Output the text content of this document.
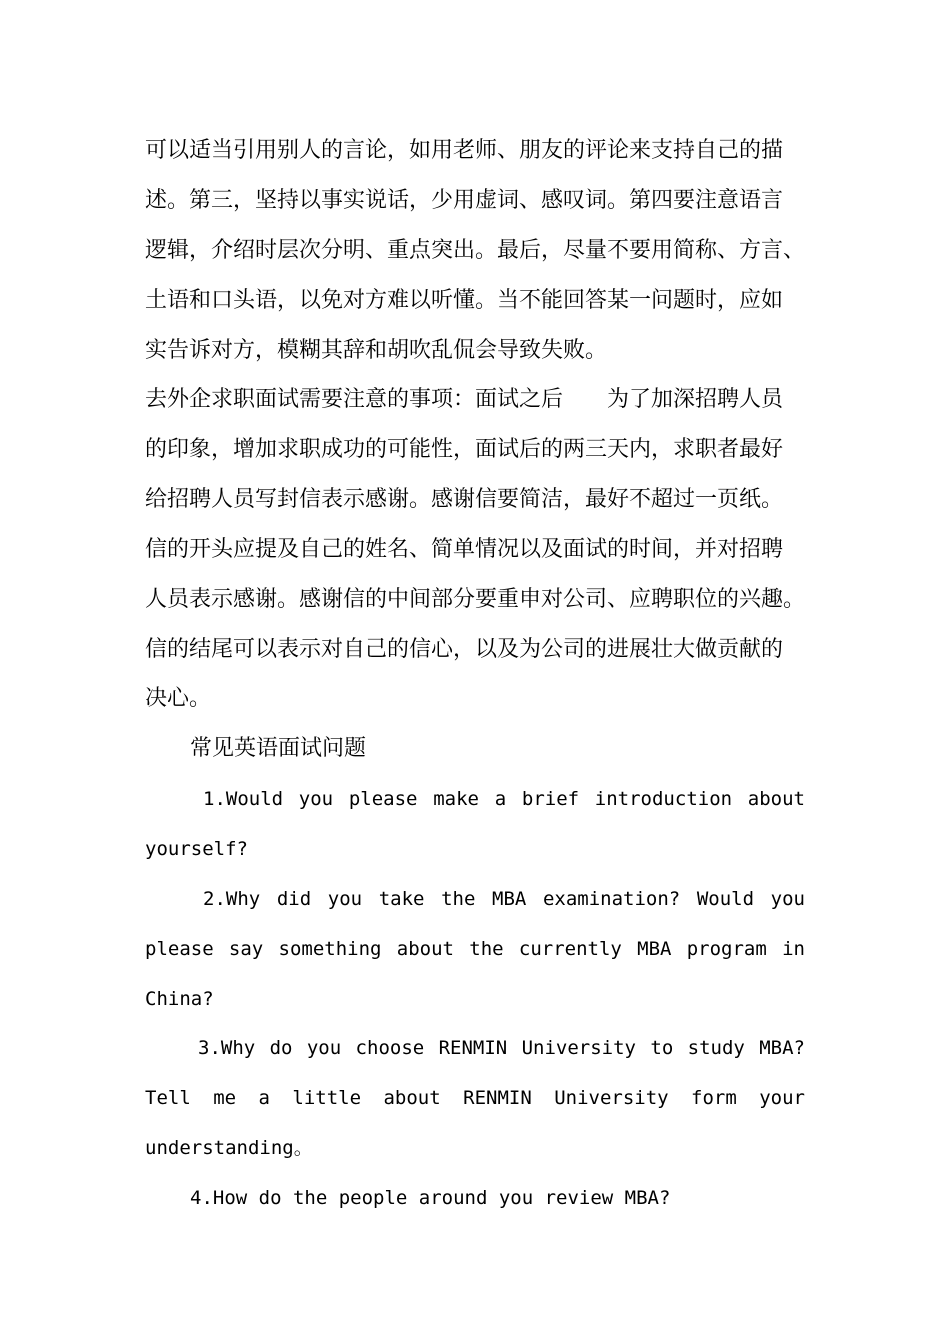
可以适当引用别人的言论，如用老师、朋友的评论来支持自己的描
述。第三，坚持以事实说话，少用虚词、感叹词。第四要注意语言
逻辑，介绍时层次分明、重点突出。最后，尽量不要用简称、方言、
土语和口头语，以免对方难以听懂。当不能回答某一问题时，应如
实告诉对方，模糊其辞和胡吹乱侃会导致失败。
去外企求职面试需要注意的事项：面试之后　　为了加深招聘人员
的印象，增加求职成功的可能性，面试后的两三天内，求职者最好
给招聘人员写封信表示感谢。感谢信要简洁，最好不超过一页纸。
信的开头应提及自己的姓名、简单情况以及面试的时间，并对招聘
人员表示感谢。感谢信的中间部分要重申对公司、应聘职位的兴趣。
信的结尾可以表示对自己的信心，以及为公司的进展壮大做贡献的
决心。
常见英语面试问题
1.Would you please make a brief introduction about
yourself?
2.Why did you take the MBA examination? Would you
please say something about the currently MBA program in
China?
3.Why do you choose RENMIN University to study MBA?
Tell me a little about RENMIN University form your
understanding。
4.How do the people around you review MBA?
